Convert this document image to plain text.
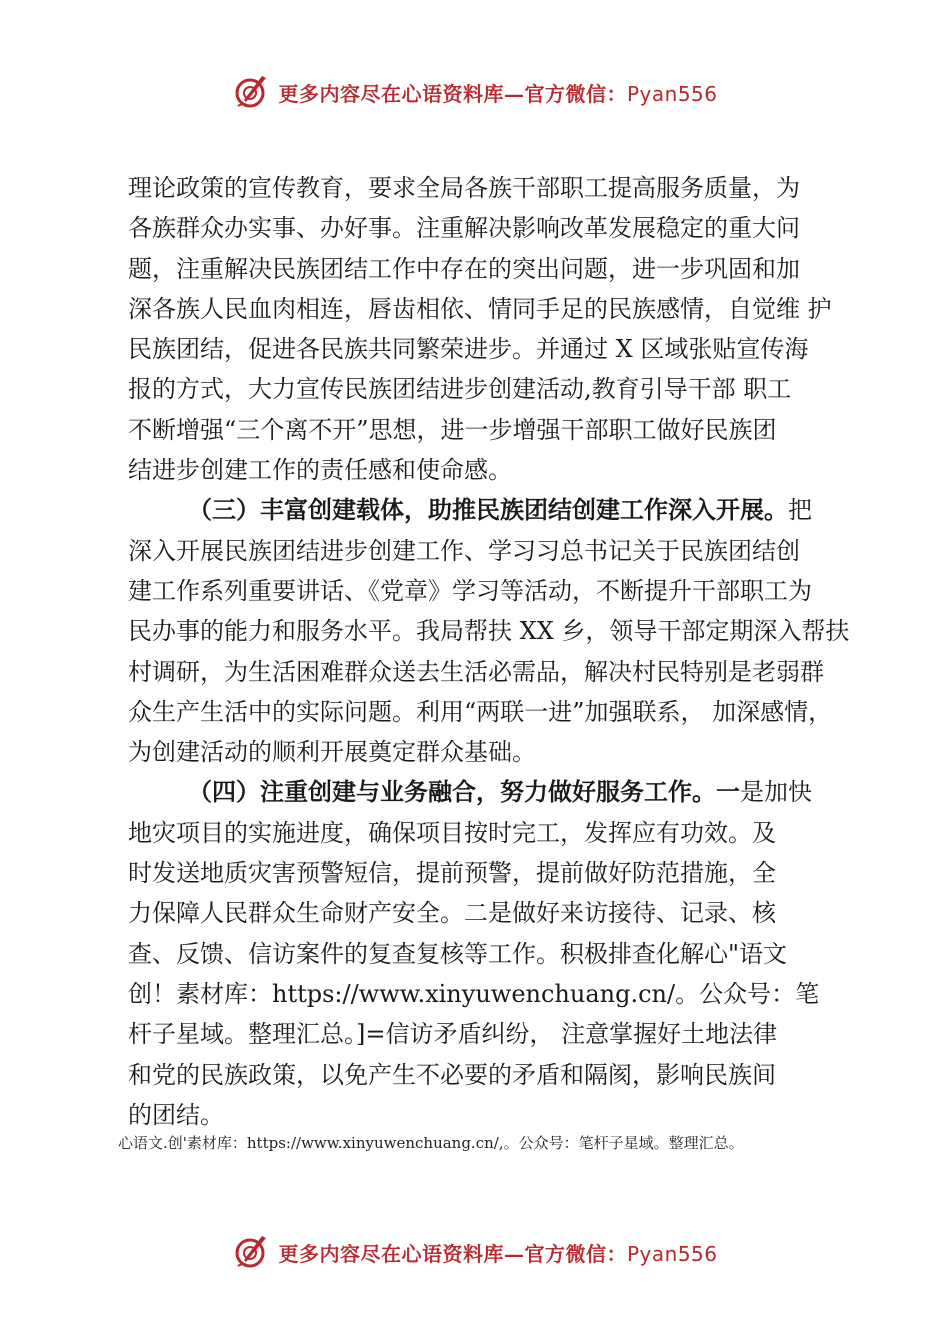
更多内容尽在心语资料库—官方微信：Pyan556
理论政策的宣传教育，要求全局各族干部职工提高服务质量，为
各族群众办实事、办好事。注重解决影响改革发展稳定的重大问
题，注重解决民族团结工作中存在的突出问题，进一步巩固和加
深各族人民血肉相连，唇齿相依、情同手足的民族感情，自觉维 护
民族团结，促进各民族共同繁荣进步。并通过 X 区域张贴宣传海
报的方式，大力宣传民族团结进步创建活动,教育引导干部 职工
不断增强“三个离不开”思想，进一步增强干部职工做好民族团
结进步创建工作的责任感和使命感。
（三）丰富创建载体，助推民族团结创建工作深入开展。把
深入开展民族团结进步创建工作、学习习总书记关于民族团结创
建工作系列重要讲话、《党章》学习等活动，不断提升干部职工为
民办事的能力和服务水平。我局帮扶 XX 乡，领导干部定期深入帮扶
村调研，为生活困难群众送去生活必需品，解决村民特别是老弱群
众生产生活中的实际问题。利用“两联一进”加强联系， 加深感情，
为创建活动的顺利开展奠定群众基础。
（四）注重创建与业务融合，努力做好服务工作。一是加快
地灾项目的实施进度，确保项目按时完工，发挥应有功效。及
时发送地质灾害预警短信，提前预警，提前做好防范措施，全
力保障人民群众生命财产安全。二是做好来访接待、记录、核
查、反馈、信访案件的复查复核等工作。积极排查化解心"语文
创！素材库：https://www.xinyuwenchuang.cn/。公众号：笔
杆子星域。整理汇总。]=信访矛盾纠纷， 注意掌握好土地法律
和党的民族政策，以免产生不必要的矛盾和隔阂，影响民族间
的团结。
心语文.创'素材库：https://www.xinyuwenchuang.cn/,。公众号：笔杆子星域。整理汇总。
更多内容尽在心语资料库—官方微信：Pyan556
